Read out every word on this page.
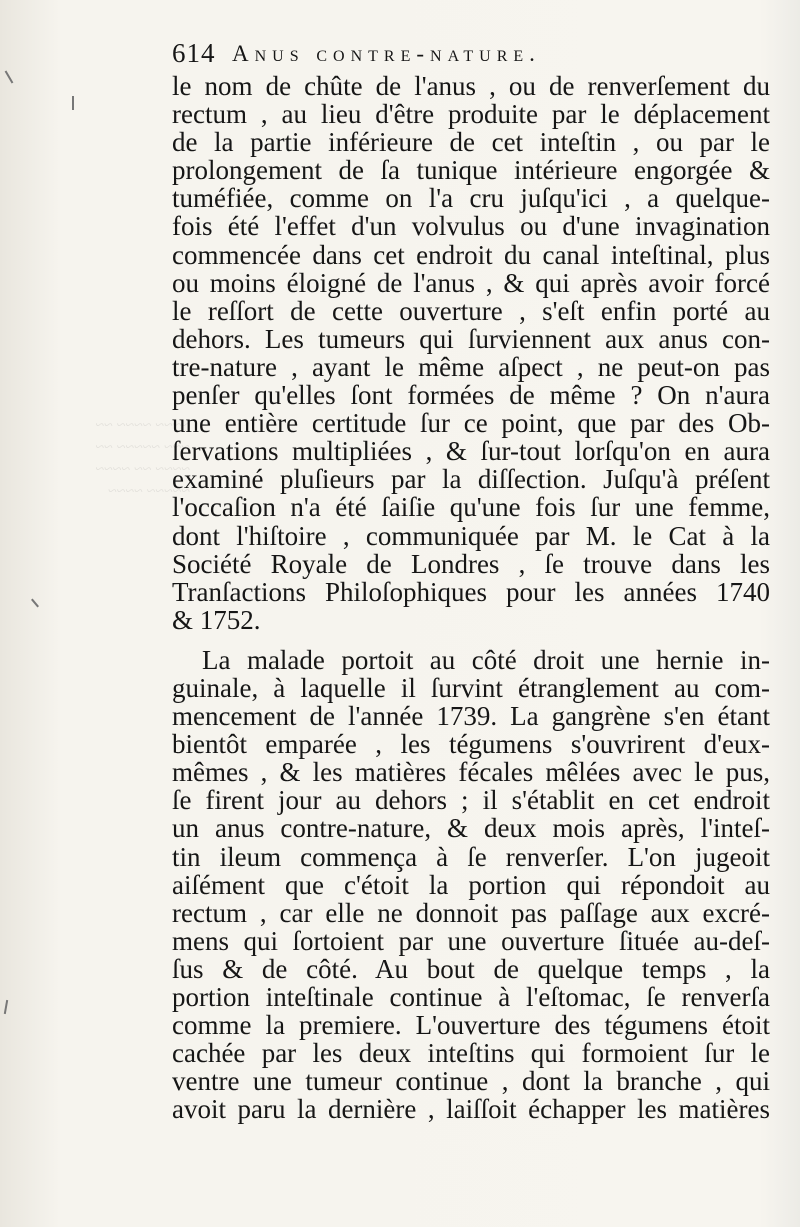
~~~~ ~~~~ ~~
~~~ ~~~~~ ~~
~~~~ ~~ ~~~~
~~~~~ ~~~~
614 Anus contre-nature.
le nom de chûte de l'anus , ou de renverſement du
rectum , au lieu d'être produite par le déplacement
de la partie inférieure de cet inteſtin , ou par le
prolongement de ſa tunique intérieure engorgée &
tuméfiée, comme on l'a cru juſqu'ici , a quelque-
fois été l'effet d'un volvulus ou d'une invagination
commencée dans cet endroit du canal inteſtinal, plus
ou moins éloigné de l'anus , & qui après avoir forcé
le reſſort de cette ouverture , s'eſt enfin porté au
dehors. Les tumeurs qui ſurviennent aux anus con-
tre-nature , ayant le même aſpect , ne peut-on pas
penſer qu'elles ſont formées de même ? On n'aura
une entière certitude ſur ce point, que par des Ob-
ſervations multipliées , & ſur-tout lorſqu'on en aura
examiné pluſieurs par la diſſection. Juſqu'à préſent
l'occaſion n'a été ſaiſie qu'une fois ſur une femme,
dont l'hiſtoire , communiquée par M. le Cat à la
Société Royale de Londres , ſe trouve dans les
Tranſactions Philoſophiques pour les années 1740
& 1752.
La malade portoit au côté droit une hernie in-
guinale, à laquelle il ſurvint étranglement au com-
mencement de l'année 1739. La gangrène s'en étant
bientôt emparée , les tégumens s'ouvrirent d'eux-
mêmes , & les matières fécales mêlées avec le pus,
ſe firent jour au dehors ; il s'établit en cet endroit
un anus contre-nature, & deux mois après, l'inteſ-
tin ileum commença à ſe renverſer. L'on jugeoit
aiſément que c'étoit la portion qui répondoit au
rectum , car elle ne donnoit pas paſſage aux excré-
mens qui ſortoient par une ouverture ſituée au-deſ-
ſus & de côté. Au bout de quelque temps , la
portion inteſtinale continue à l'eſtomac, ſe renverſa
comme la premiere. L'ouverture des tégumens étoit
cachée par les deux inteſtins qui formoient ſur le
ventre une tumeur continue , dont la branche , qui
avoit paru la dernière , laiſſoit échapper les matières
